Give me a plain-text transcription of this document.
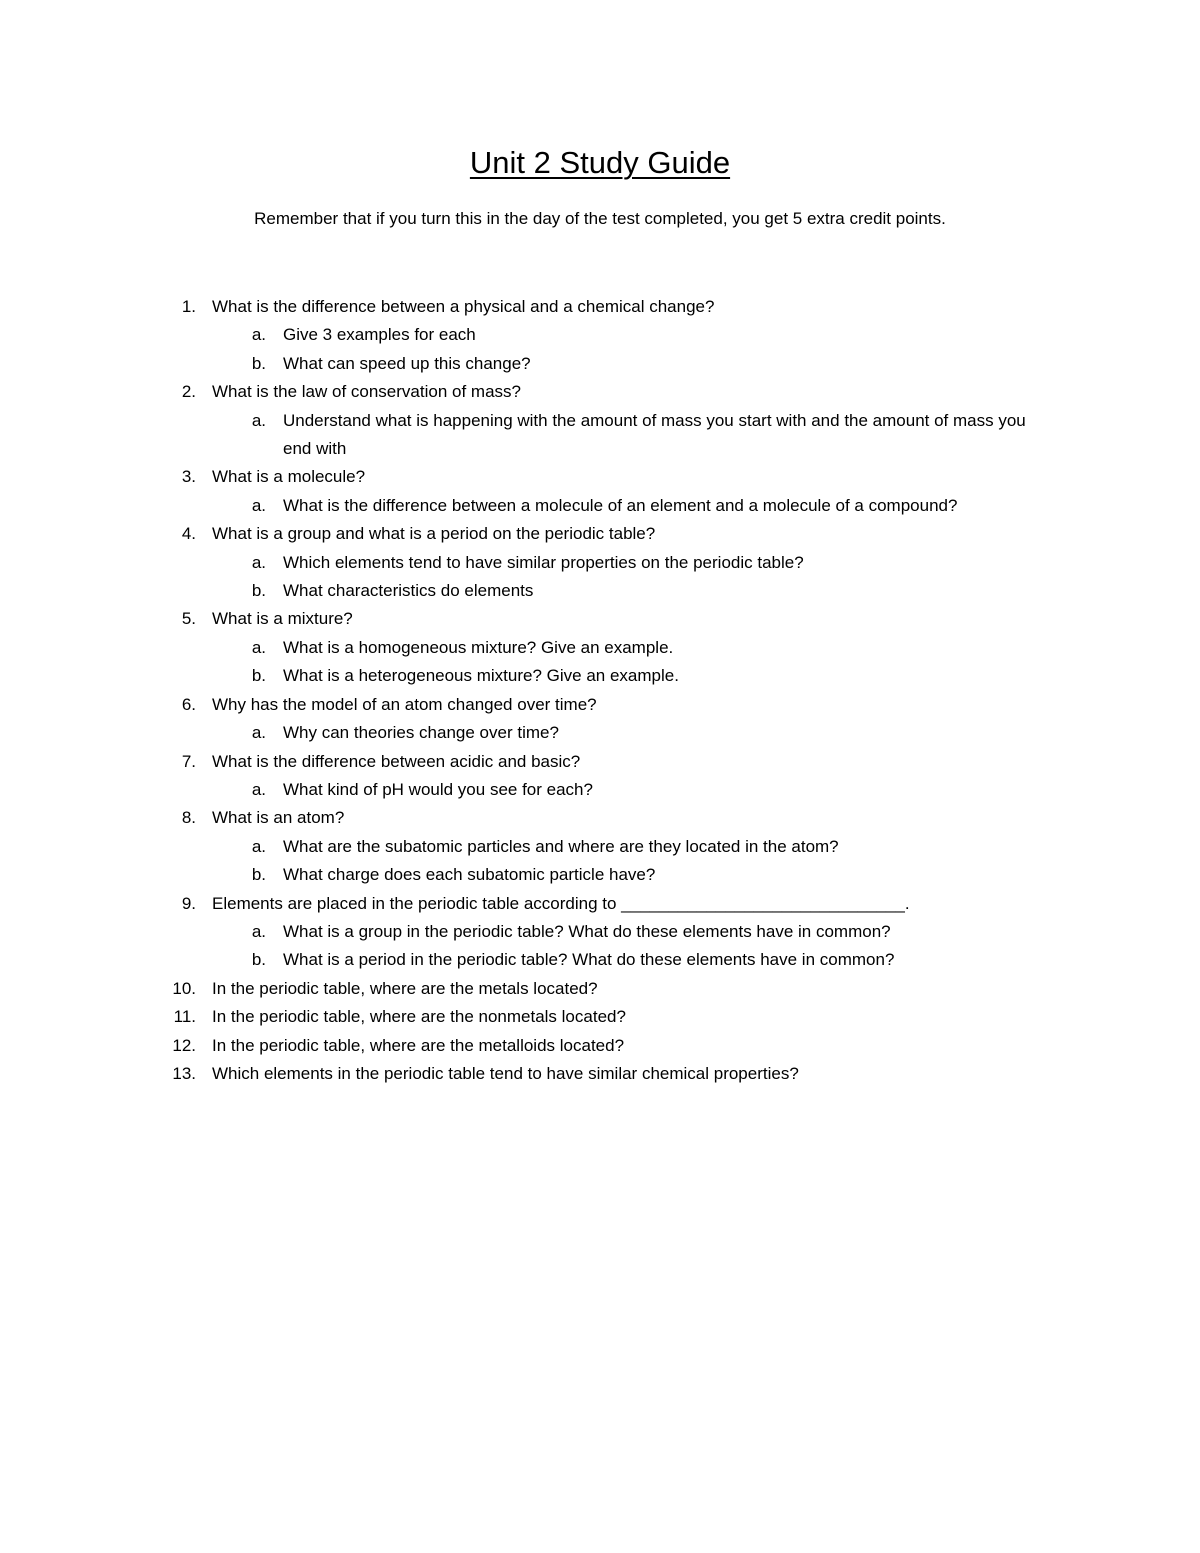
Unit 2 Study Guide

Remember that if you turn this in the day of the test completed, you get 5 extra credit points.

1. What is the difference between a physical and a chemical change?
a. Give 3 examples for each
b. What can speed up this change?
2. What is the law of conservation of mass?
a. Understand what is happening with the amount of mass you start with and the amount of mass you end with
3. What is a molecule?
a. What is the difference between a molecule of an element and a molecule of a compound?
4. What is a group and what is a period on the periodic table?
a. Which elements tend to have similar properties on the periodic table?
b. What characteristics do elements
5. What is a mixture?
a. What is a homogeneous mixture? Give an example.
b. What is a heterogeneous mixture? Give an example.
6. Why has the model of an atom changed over time?
a. Why can theories change over time?
7. What is the difference between acidic and basic?
a. What kind of pH would you see for each?
8. What is an atom?
a. What are the subatomic particles and where are they located in the atom?
b. What charge does each subatomic particle have?
9. Elements are placed in the periodic table according to ______________________________.
a. What is a group in the periodic table? What do these elements have in common?
b. What is a period in the periodic table? What do these elements have in common?
10. In the periodic table, where are the metals located?
11. In the periodic table, where are the nonmetals located?
12. In the periodic table, where are the metalloids located?
13. Which elements in the periodic table tend to have similar chemical properties?
